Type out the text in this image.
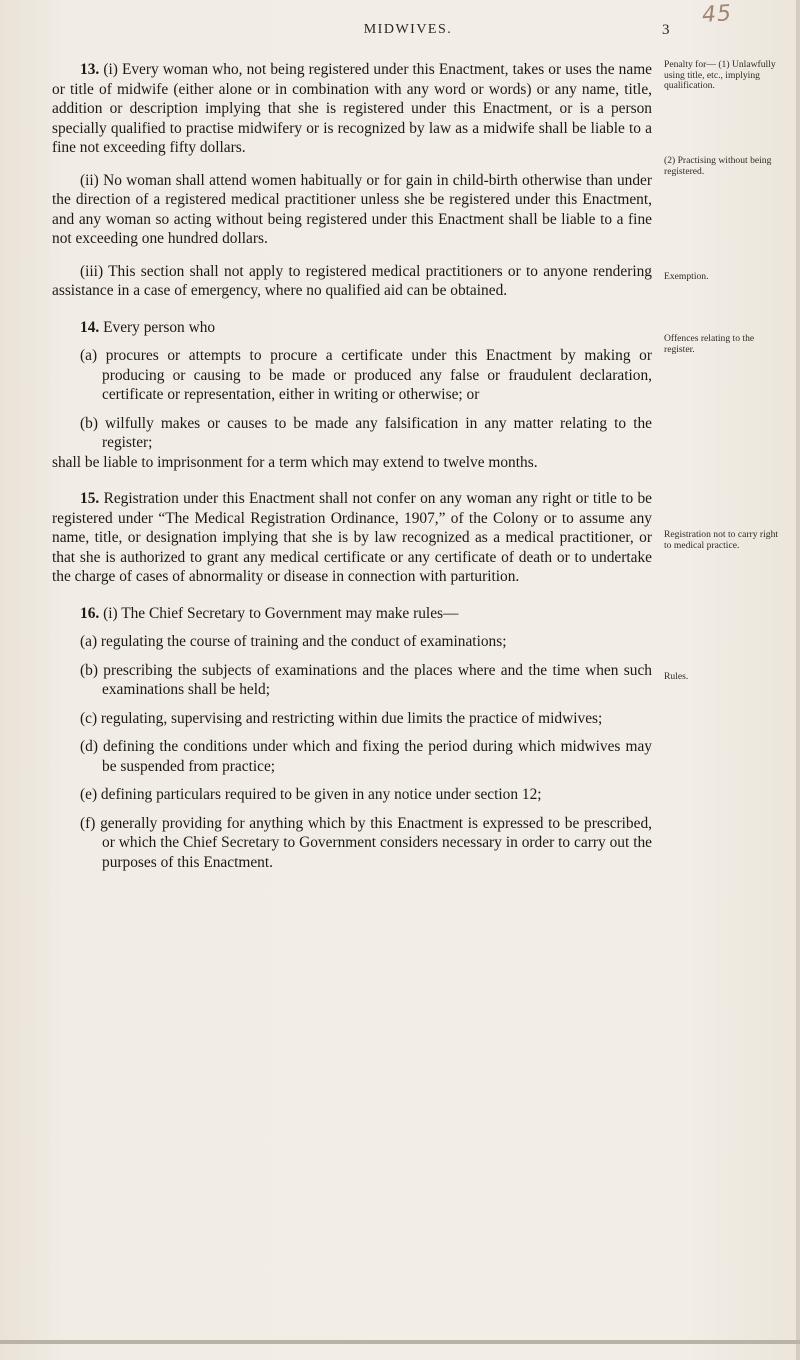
45
MIDWIVES.	3

13. (i) Every woman who, not being registered under this Enactment, takes or uses the name or title of midwife (either alone or in combination with any word or words) or any name, title, addition or description implying that she is registered under this Enactment, or is a person specially qualified to practise midwifery or is recognized by law as a midwife shall be liable to a fine not exceeding fifty dollars.

(ii) No woman shall attend women habitually or for gain in child-birth otherwise than under the direction of a registered medical practitioner unless she be registered under this Enactment, and any woman so acting without being registered under this Enactment shall be liable to a fine not exceeding one hundred dollars.

(iii) This section shall not apply to registered medical practitioners or to anyone rendering assistance in a case of emergency, where no qualified aid can be obtained.

14. Every person who

(a) procures or attempts to procure a certificate under this Enactment by making or producing or causing to be made or produced any false or fraudulent declaration, certificate or representation, either in writing or otherwise; or

(b) wilfully makes or causes to be made any falsification in any matter relating to the register;

shall be liable to imprisonment for a term which may extend to twelve months.

15. Registration under this Enactment shall not confer on any woman any right or title to be registered under “The Medical Registration Ordinance, 1907,” of the Colony or to assume any name, title, or designation implying that she is by law recognized as a medical practitioner, or that she is authorized to grant any medical certificate or any certificate of death or to undertake the charge of cases of abnormality or disease in connection with parturition.

16. (i) The Chief Secretary to Government may make rules—

(a) regulating the course of training and the conduct of examinations;

(b) prescribing the subjects of examinations and the places where and the time when such examinations shall be held;

(c) regulating, supervising and restricting within due limits the practice of midwives;

(d) defining the conditions under which and fixing the period during which midwives may be suspended from practice;

(e) defining particulars required to be given in any notice under section 12;

(f) generally providing for anything which by this Enactment is expressed to be prescribed, or which the Chief Secretary to Government considers necessary in order to carry out the purposes of this Enactment.

Penalty for— (1) Unlawfully using title, etc., implying qualification.
(2) Practising without being registered.
Exemption.
Offences relating to the register.
Registration not to carry right to medical practice.
Rules.
